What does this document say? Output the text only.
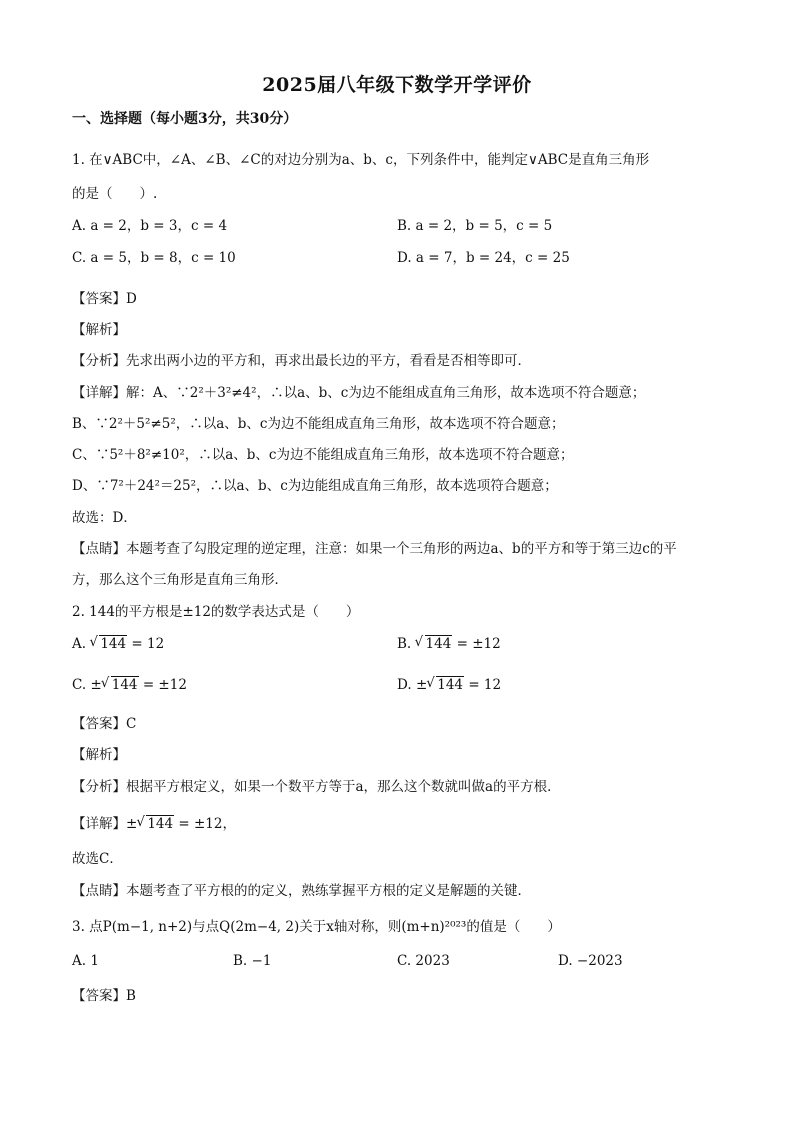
2025届八年级下数学开学评价
一、选择题（每小题3分，共30分）
1. 在∨ABC中，∠A、∠B、∠C的对边分别为a、b、c，下列条件中，能判定∨ABC是直角三角形
的是（　　）.
A. a = 2，b = 3，c = 4	B. a = 2，b = 5，c = 5
C. a = 5，b = 8，c = 10	D. a = 7，b = 24，c = 25
【答案】D
【解析】
【分析】先求出两小边的平方和，再求出最长边的平方，看看是否相等即可．
【详解】解：A、∵2²＋3²≠4²，∴以a、b、c为边不能组成直角三角形，故本选项不符合题意；
B、∵2²＋5²≠5²，∴以a、b、c为边不能组成直角三角形，故本选项不符合题意；
C、∵5²＋8²≠10²，∴以a、b、c为边不能组成直角三角形，故本选项不符合题意；
D、∵7²＋24²＝25²，∴以a、b、c为边能组成直角三角形，故本选项符合题意；
故选：D．
【点睛】本题考查了勾股定理的逆定理，注意：如果一个三角形的两边a、b的平方和等于第三边c的平
方，那么这个三角形是直角三角形．
2. 144的平方根是±12的数学表达式是（　　）
A. √ 144 = 12	B. √ 144 = ±12
C. ± √ 144 = ±12	D. ± √ 144 = 12
【答案】C
【解析】
【分析】根据平方根定义，如果一个数平方等于a，那么这个数就叫做a的平方根．
【详解】± √ 144 = ±12，
故选C．
【点睛】本题考查了平方根的的定义，熟练掌握平方根的定义是解题的关键．
3. 点P(m−1, n+2)与点Q(2m−4, 2)关于x轴对称，则(m+n)²⁰²³的值是（　　）
A. 1	B. −1	C. 2023	D. −2023
【答案】B
